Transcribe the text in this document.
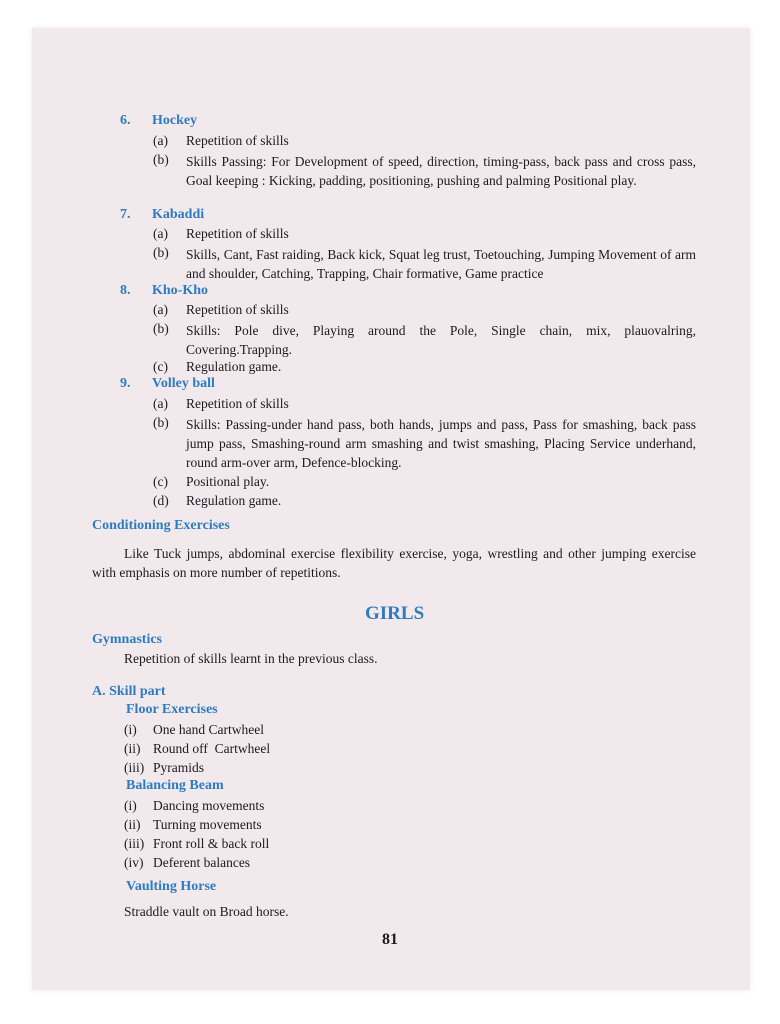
6. Hockey
(a) Repetition of skills
(b) Skills Passing: For Development of speed, direction, timing-pass, back pass and cross pass, Goal keeping : Kicking, padding, positioning, pushing and palming Positional play.
7. Kabaddi
(a) Repetition of skills
(b) Skills, Cant, Fast raiding, Back kick, Squat leg trust, Toetouching, Jumping Movement of arm and shoulder, Catching, Trapping, Chair formative, Game practice
8. Kho-Kho
(a) Repetition of skills
(b) Skills: Pole dive, Playing around the Pole, Single chain, mix, plauovalring, Covering.Trapping.
(c) Regulation game.
9. Volley ball
(a) Repetition of skills
(b) Skills: Passing-under hand pass, both hands, jumps and pass, Pass for smashing, back pass jump pass, Smashing-round arm smashing and twist smashing, Placing Service underhand, round arm-over arm, Defence-blocking.
(c) Positional play.
(d) Regulation game.
Conditioning Exercises
Like Tuck jumps, abdominal exercise flexibility exercise, yoga, wrestling and other jumping exercise with emphasis on more number of repetitions.
GIRLS
Gymnastics
Repetition of skills learnt in the previous class.
A. Skill part
Floor Exercises
(i) One hand Cartwheel
(ii) Round off  Cartwheel
(iii) Pyramids
Balancing Beam
(i) Dancing movements
(ii) Turning movements
(iii) Front roll & back roll
(iv) Deferent balances
Vaulting Horse
Straddle vault on Broad horse.
81
